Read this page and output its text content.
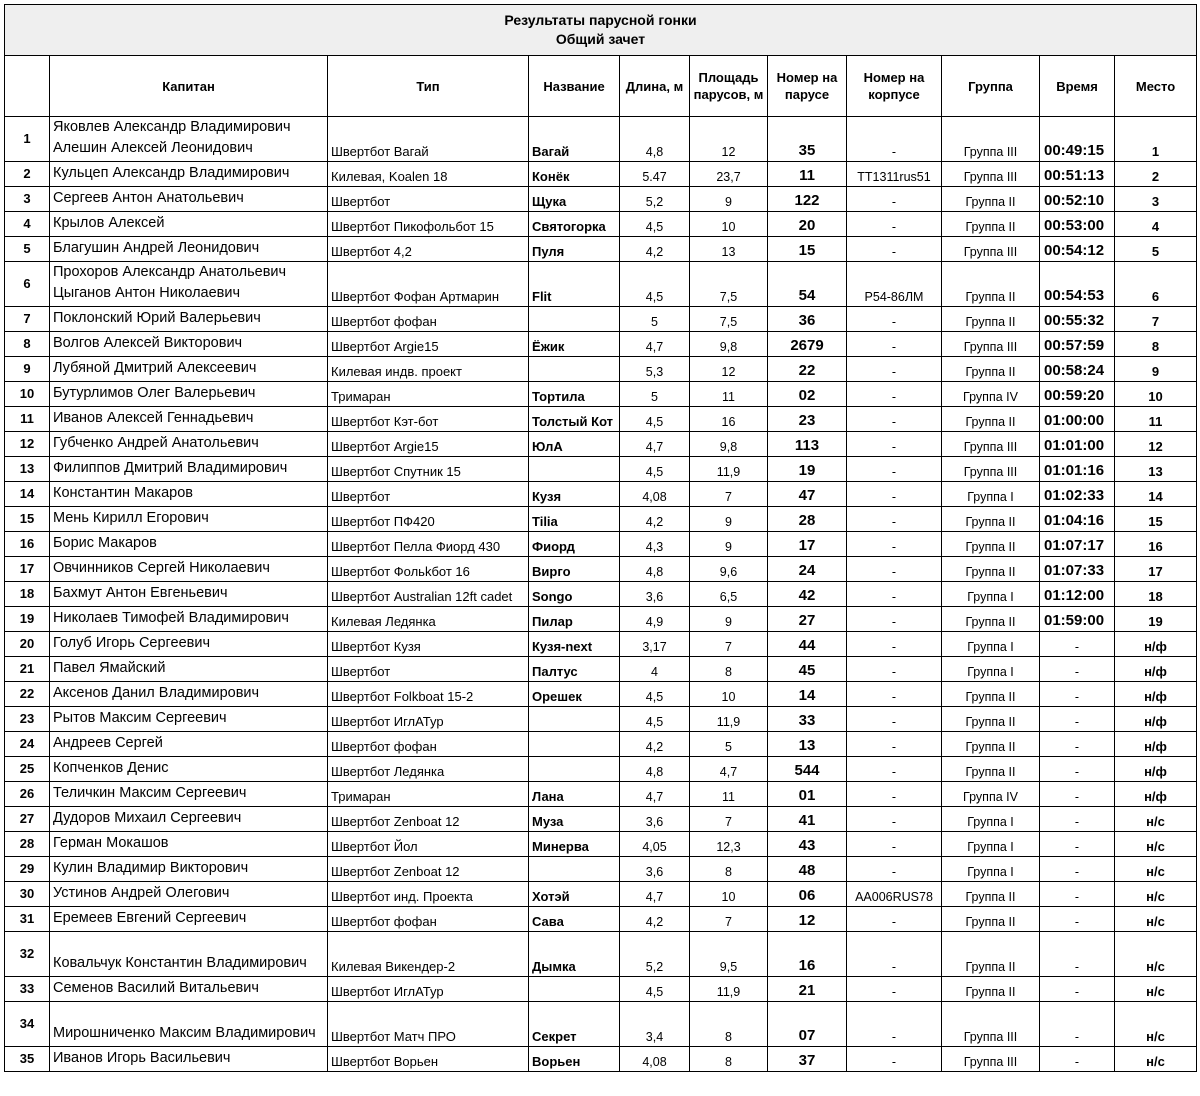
Результаты парусной гонки
Общий зачет										

	Капитан	Тип	Название	Длина, м	Площадь парусов, м	Номер на парусе	Номер на корпусе	Группа	Время	Место
1	Яковлев Александр Владимирович Алешин Алексей Леонидович	Швертбот Вагай	Вагай	4,8	12	35	-	Группа III	00:49:15	1
2	Кульцеп Александр Владимирович	Килевая, Koalen 18	Конёк	5.47	23,7	11	TT1311rus51	Группа III	00:51:13	2
3	Сергеев Антон Анатольевич	Швертбот	Щука	5,2	9	122	-	Группа II	00:52:10	3
4	Крылов Алексей	Швертбот Пикофольбот 15	Святогорка	4,5	10	20	-	Группа II	00:53:00	4
5	Благушин Андрей Леонидович	Швертбот 4,2	Пуля	4,2	13	15	-	Группа III	00:54:12	5
6	Прохоров Александр Анатольевич Цыганов Антон Николаевич	Швертбот Фофан Артмарин	Flit	4,5	7,5	54	Р54-86ЛМ	Группа II	00:54:53	6
7	Поклонский Юрий Валерьевич	Швертбот фофан		5	7,5	36	-	Группа II	00:55:32	7
8	Волгов Алексей Викторович	Швертбот Argie15	Ёжик	4,7	9,8	2679	-	Группа III	00:57:59	8
9	Лубяной Дмитрий Алексеевич	Килевая индв. проект		5,3	12	22	-	Группа II	00:58:24	9
10	Бутурлимов Олег Валерьевич	Тримаран	Тортила	5	11	02	-	Группа IV	00:59:20	10
11	Иванов Алексей Геннадьевич	Швертбот Кэт-бот	Толстый Кот	4,5	16	23	-	Группа II	01:00:00	11
12	Губченко Андрей Анатольевич	Швертбот Argie15	ЮлА	4,7	9,8	113	-	Группа III	01:01:00	12
13	Филиппов Дмитрий Владимирович	Швертбот Спутник 15		4,5	11,9	19	-	Группа III	01:01:16	13
14	Константин Макаров	Швертбот	Кузя	4,08	7	47	-	Группа I	01:02:33	14
15	Мень Кирилл Егорович	Швертбот ПФ420	Tilia	4,2	9	28	-	Группа II	01:04:16	15
16	Борис Макаров	Швертбот Пелла Фиорд 430	Фиорд	4,3	9	17	-	Группа II	01:07:17	16
17	Овчинников Сергей Николаевич	Швертбот Фольkбот 16	Вирго	4,8	9,6	24	-	Группа II	01:07:33	17
18	Бахмут Антон Евгеньевич	Швертбот Australian 12ft cadet	Songo	3,6	6,5	42	-	Группа I	01:12:00	18
19	Николаев Тимофей Владимирович	Килевая Ледянка	Пилар	4,9	9	27	-	Группа II	01:59:00	19
20	Голуб Игорь Сергеевич	Швертбот Кузя	Кузя-next	3,17	7	44	-	Группа I	-	н/ф
21	Павел Ямайский	Швертбот	Палтус	4	8	45	-	Группа I	-	н/ф
22	Аксенов Данил Владимирович	Швертбот Folkboat 15-2	Орешек	4,5	10	14	-	Группа II	-	н/ф
23	Рытов Максим Сергеевич	Швертбот ИглАТур		4,5	11,9	33	-	Группа II	-	н/ф
24	Андреев Сергей	Швертбот фофан		4,2	5	13	-	Группа II	-	н/ф
25	Копченков Денис	Швертбот Ледянка		4,8	4,7	544	-	Группа II	-	н/ф
26	Теличкин Максим Сергеевич	Тримаран	Лана	4,7	11	01	-	Группа IV	-	н/ф
27	Дудоров Михаил Сергеевич	Швертбот Zenboat 12	Муза	3,6	7	41	-	Группа I	-	н/с
28	Герман Мокашов	Швертбот Йол	Минерва	4,05	12,3	43	-	Группа I	-	н/с
29	Кулин Владимир Викторович	Швертбот Zenboat 12		3,6	8	48	-	Группа I	-	н/с
30	Устинов Андрей Олегович	Швертбот инд. Проекта	Хотэй	4,7	10	06	AA006RUS78	Группа II	-	н/с
31	Еремеев Евгений Сергеевич	Швертбот фофан	Сава	4,2	7	12	-	Группа II	-	н/с
32	Ковальчук Константин Владимирович	Килевая Викендер-2	Дымка	5,2	9,5	16	-	Группа II	-	н/с
33	Семенов Василий Витальевич	Швертбот ИглАТур		4,5	11,9	21	-	Группа II	-	н/с
34	Мирошниченко Максим Владимирович	Швертбот Матч ПРО	Секрет	3,4	8	07	-	Группа III	-	н/с
35	Иванов Игорь Васильевич	Швертбот Ворьен	Ворьен	4,08	8	37	-	Группа III	-	н/с
